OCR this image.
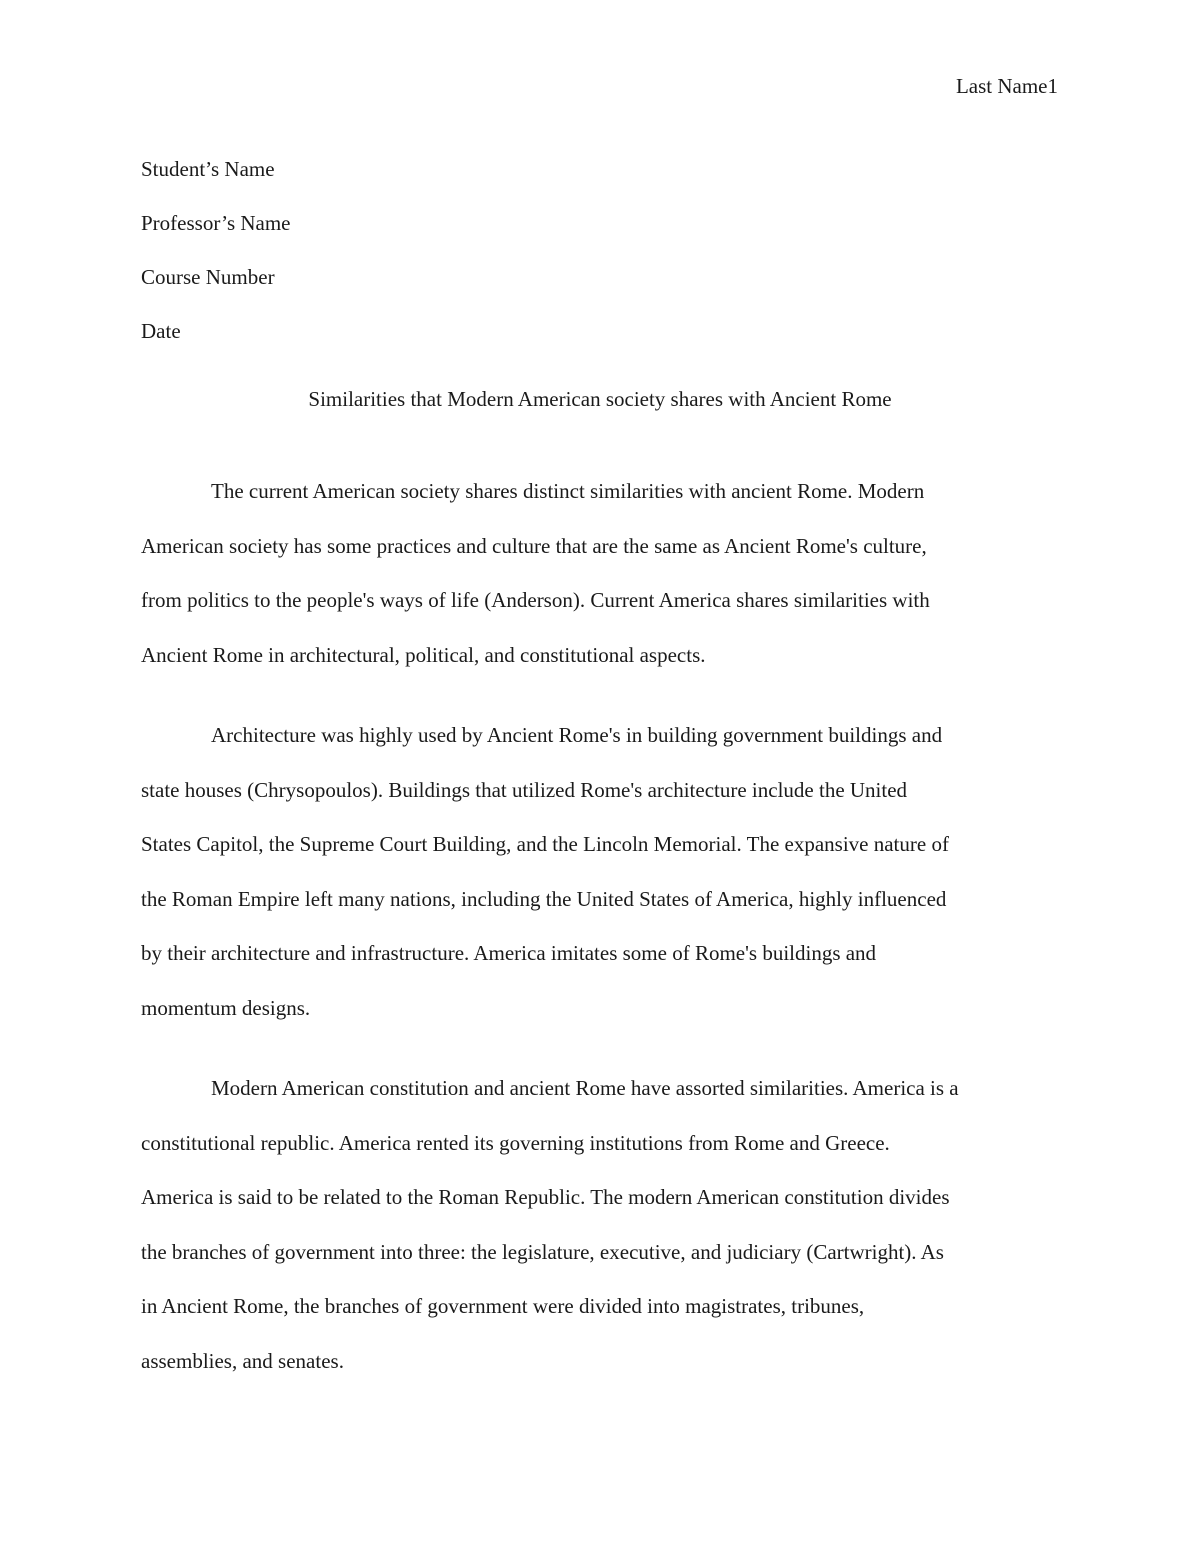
Last Name1
Student’s Name
Professor’s Name
Course Number
Date
Similarities that Modern American society shares with Ancient Rome
The current American society shares distinct similarities with ancient Rome. Modern
American society has some practices and culture that are the same as Ancient Rome's culture,
from politics to the people's ways of life (Anderson). Current America shares similarities with
Ancient Rome in architectural, political, and constitutional aspects.
Architecture was highly used by Ancient Rome's in building government buildings and
state houses (Chrysopoulos). Buildings that utilized Rome's architecture include the United
States Capitol, the Supreme Court Building, and the Lincoln Memorial. The expansive nature of
the Roman Empire left many nations, including the United States of America, highly influenced
by their architecture and infrastructure. America imitates some of Rome's buildings and
momentum designs.
Modern American constitution and ancient Rome have assorted similarities. America is a
constitutional republic. America rented its governing institutions from Rome and Greece.
America is said to be related to the Roman Republic. The modern American constitution divides
the branches of government into three: the legislature, executive, and judiciary (Cartwright). As
in Ancient Rome, the branches of government were divided into magistrates, tribunes,
assemblies, and senates.
